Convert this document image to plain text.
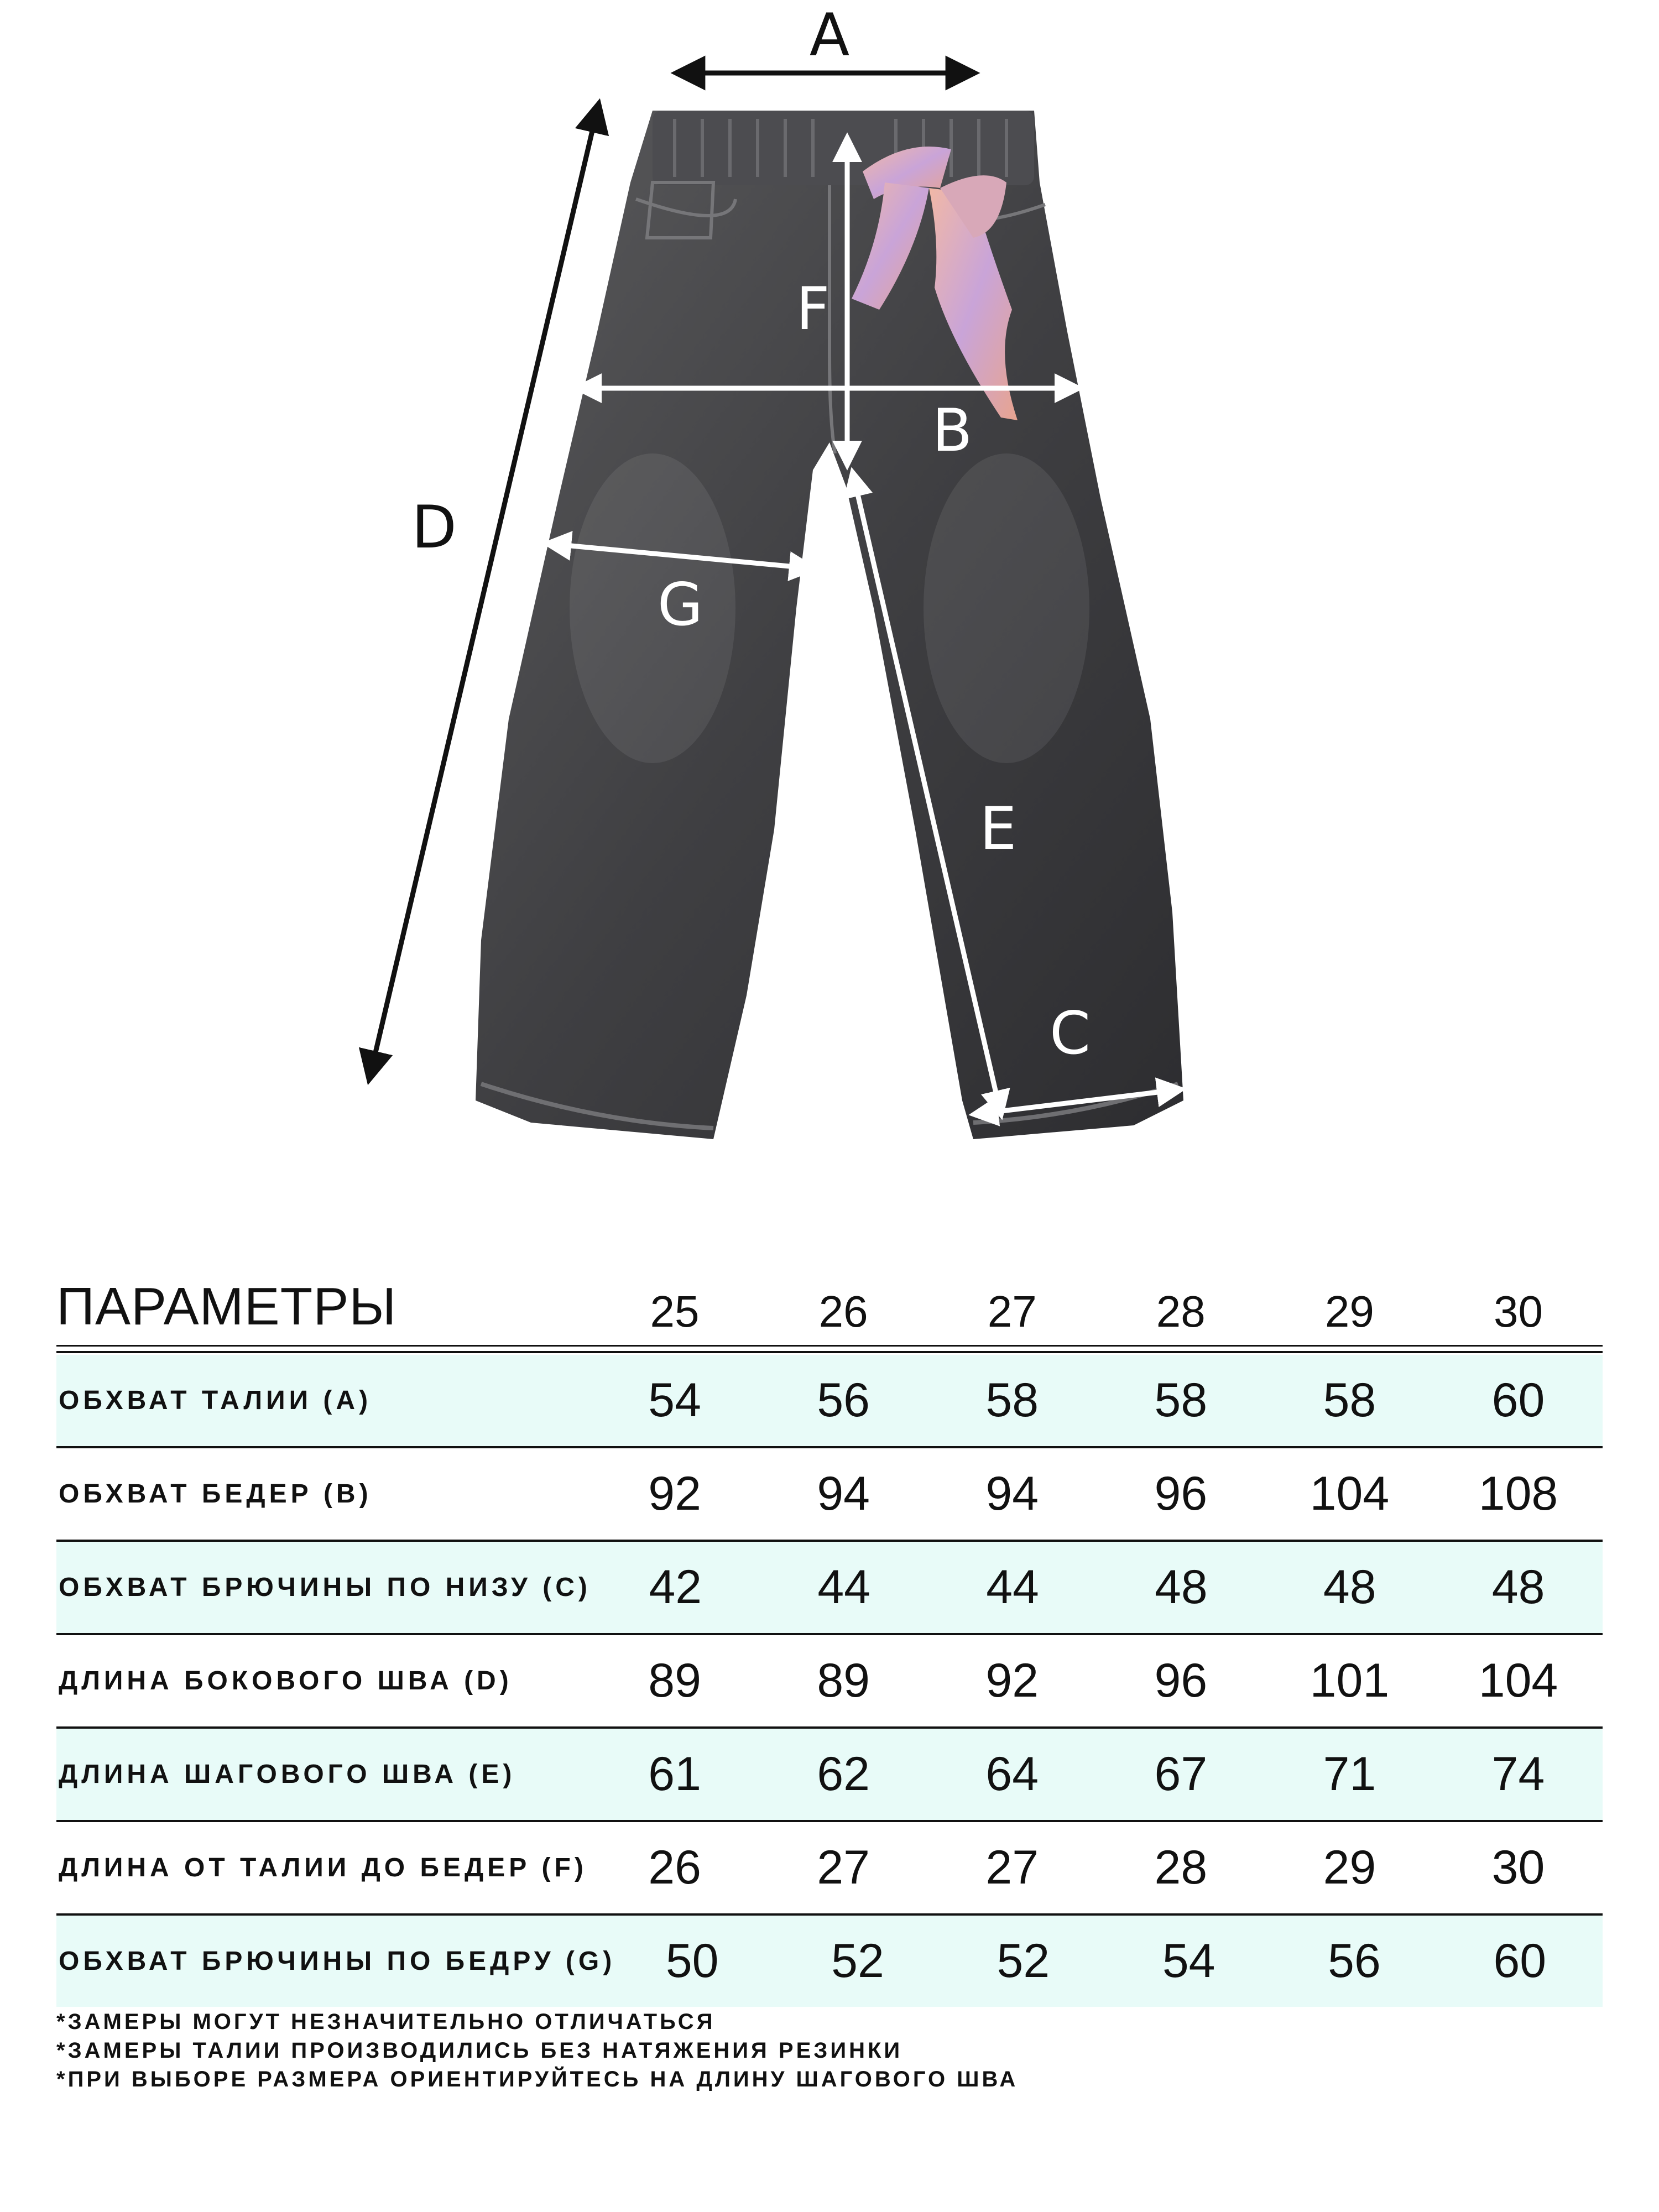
A
D
F
B
G
E
C
ПАРАМЕТРЫ	25	26	27	28	29	30
ОБХВАТ ТАЛИИ (A)	54	56	58	58	58	60
ОБХВАТ БЕДЕР (B)	92	94	94	96	104	108
ОБХВАТ БРЮЧИНЫ ПО НИЗУ (C)	42	44	44	48	48	48
ДЛИНА БОКОВОГО ШВА (D)	89	89	92	96	101	104
ДЛИНА ШАГОВОГО ШВА (E)	61	62	64	67	71	74
ДЛИНА ОТ ТАЛИИ ДО БЕДЕР (F)	26	27	27	28	29	30
ОБХВАТ БРЮЧИНЫ ПО БЕДРУ (G)	50	52	52	54	56	60
*ЗАМЕРЫ МОГУТ НЕЗНАЧИТЕЛЬНО ОТЛИЧАТЬСЯ
*ЗАМЕРЫ ТАЛИИ ПРОИЗВОДИЛИСЬ БЕЗ НАТЯЖЕНИЯ РЕЗИНКИ
*ПРИ ВЫБОРЕ РАЗМЕРА ОРИЕНТИРУЙТЕСЬ НА ДЛИНУ ШАГОВОГО ШВА
